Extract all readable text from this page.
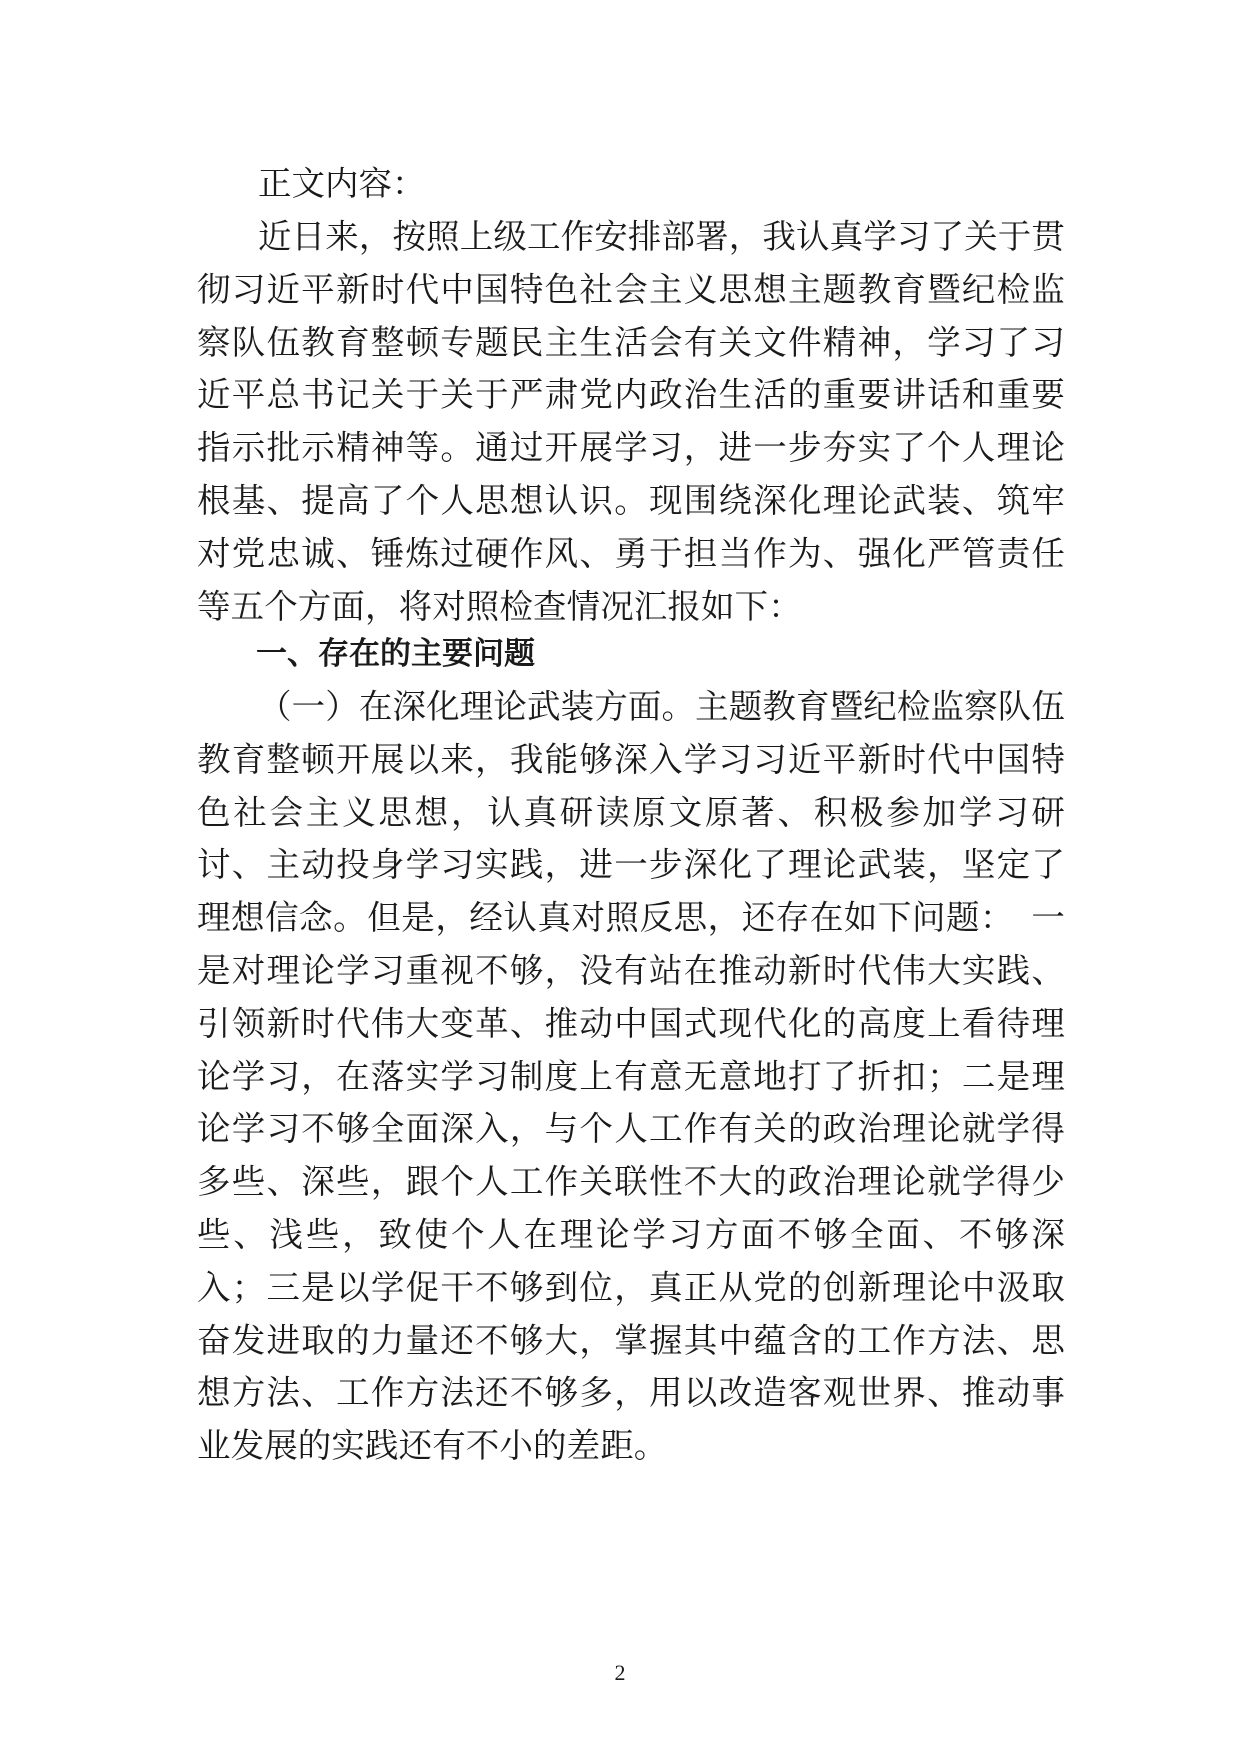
正文内容：

近日来，按照上级工作安排部署，我认真学习了关于贯彻习近平新时代中国特色社会主义思想主题教育暨纪检监察队伍教育整顿专题民主生活会有关文件精神，学习了习近平总书记关于关于严肃党内政治生活的重要讲话和重要指示批示精神等。通过开展学习，进一步夯实了个人理论根基、提高了个人思想认识。现围绕深化理论武装、筑牢对党忠诚、锤炼过硬作风、勇于担当作为、强化严管责任等五个方面，将对照检查情况汇报如下：

一、存在的主要问题

（一）在深化理论武装方面。主题教育暨纪检监察队伍教育整顿开展以来，我能够深入学习习近平新时代中国特色社会主义思想，认真研读原文原著、积极参加学习研讨、主动投身学习实践，进一步深化了理论武装，坚定了理想信念。但是，经认真对照反思，还存在如下问题：　一是对理论学习重视不够，没有站在推动新时代伟大实践、引领新时代伟大变革、推动中国式现代化的高度上看待理论学习，在落实学习制度上有意无意地打了折扣；二是理论学习不够全面深入，与个人工作有关的政治理论就学得多些、深些，跟个人工作关联性不大的政治理论就学得少些、浅些，致使个人在理论学习方面不够全面、不够深入；三是以学促干不够到位，真正从党的创新理论中汲取奋发进取的力量还不够大，掌握其中蕴含的工作方法、思想方法、工作方法还不够多，用以改造客观世界、推动事业发展的实践还有不小的差距。

2
